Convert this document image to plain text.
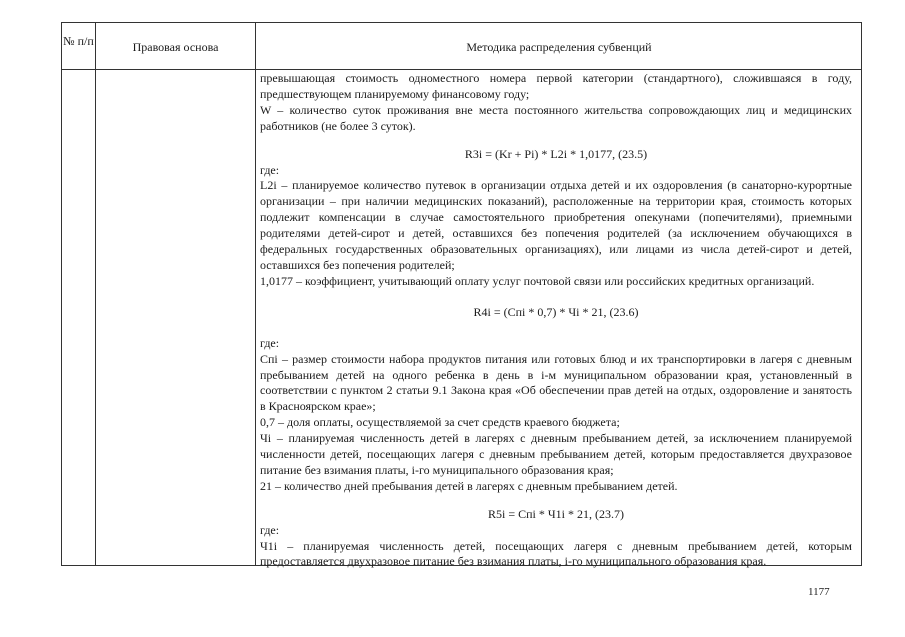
№ п/п	Правовая основа	Методика распределения субвенций

превышающая стоимость одноместного номера первой категории (стандартного), сложившаяся в году, предшествующем планируемому финансовому году;

W – количество суток проживания вне места постоянного жительства сопровождающих лиц и медицинских работников (не более 3 суток).

R3i = (Kr + Pi) * L2i * 1,0177, (23.5)

где:

L2i – планируемое количество путевок в организации отдыха детей и их оздоровления (в санаторно-курортные организации – при наличии медицинских показаний), расположенные на территории края, стоимость которых подлежит компенсации в случае самостоятельного приобретения опекунами (попечителями), приемными родителями детей-сирот и детей, оставшихся без попечения родителей (за исключением обучающихся в федеральных государственных образовательных организациях), или лицами из числа детей-сирот и детей, оставшихся без попечения родителей;

1,0177 – коэффициент, учитывающий оплату услуг почтовой связи или российских кредитных организаций.

R4i = (Cпi * 0,7) * Чi * 21, (23.6)

где:

Cпi – размер стоимости набора продуктов питания или готовых блюд и их транспортировки в лагеря с дневным пребыванием детей на одного ребенка в день в i-м муниципальном образовании края, установленный в соответствии с пунктом 2 статьи 9.1 Закона края «Об обеспечении прав детей на отдых, оздоровление и занятость в Красноярском крае»;

0,7 – доля оплаты, осуществляемой за счет средств краевого бюджета;

Чi – планируемая численность детей в лагерях с дневным пребыванием детей, за исключением планируемой численности детей, посещающих лагеря с дневным пребыванием детей, которым предоставляется двухразовое питание без взимания платы, i-го муниципального образования края;

21 – количество дней пребывания детей в лагерях с дневным пребыванием детей.

R5i = Cпi * Ч1i * 21, (23.7)

где:

Ч1i – планируемая численность детей, посещающих лагеря с дневным пребыванием детей, которым предоставляется двухразовое питание без взимания платы, i-го муниципального образования края.

1177
